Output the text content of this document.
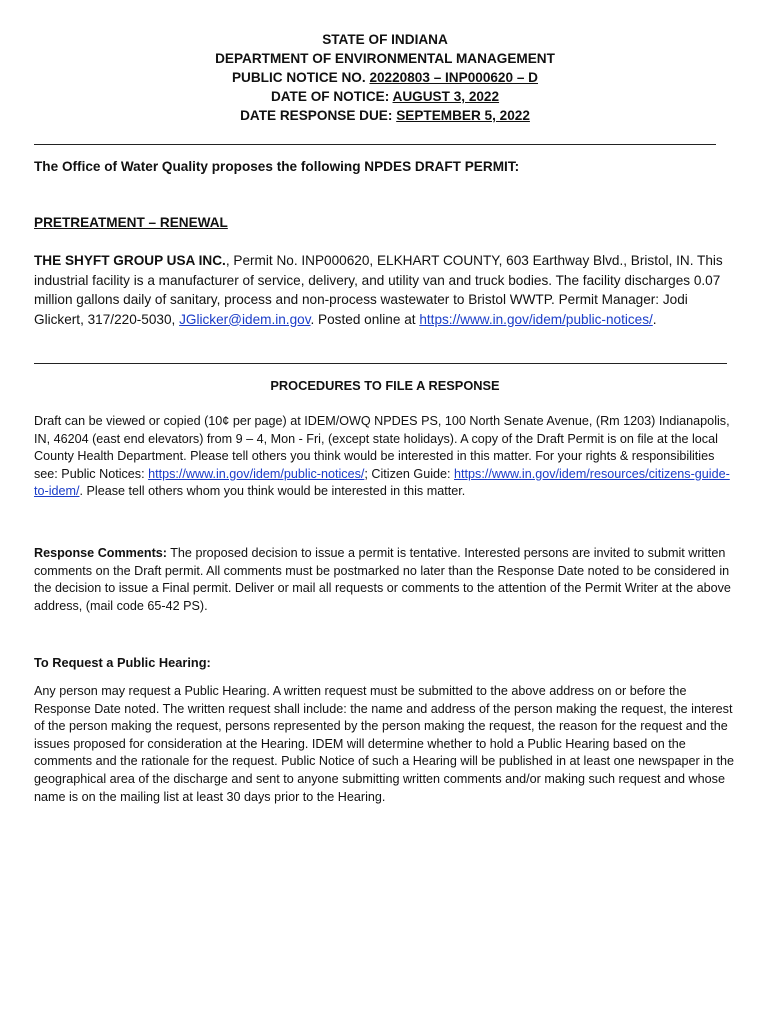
STATE OF INDIANA
DEPARTMENT OF ENVIRONMENTAL MANAGEMENT
PUBLIC NOTICE NO. 20220803 – INP000620 – D
DATE OF NOTICE: AUGUST 3, 2022
DATE RESPONSE DUE: SEPTEMBER 5, 2022
The Office of Water Quality proposes the following NPDES DRAFT PERMIT:
PRETREATMENT – RENEWAL
THE SHYFT GROUP USA INC., Permit No. INP000620, ELKHART COUNTY, 603 Earthway Blvd., Bristol, IN. This industrial facility is a manufacturer of service, delivery, and utility van and truck bodies. The facility discharges 0.07 million gallons daily of sanitary, process and non-process wastewater to Bristol WWTP. Permit Manager: Jodi Glickert, 317/220-5030, JGlicker@idem.in.gov. Posted online at https://www.in.gov/idem/public-notices/.
PROCEDURES TO FILE A RESPONSE
Draft can be viewed or copied (10¢ per page) at IDEM/OWQ NPDES PS, 100 North Senate Avenue, (Rm 1203) Indianapolis, IN, 46204 (east end elevators) from 9 – 4, Mon - Fri, (except state holidays). A copy of the Draft Permit is on file at the local County Health Department. Please tell others you think would be interested in this matter. For your rights & responsibilities see: Public Notices: https://www.in.gov/idem/public-notices/; Citizen Guide: https://www.in.gov/idem/resources/citizens-guide-to-idem/. Please tell others whom you think would be interested in this matter.
Response Comments: The proposed decision to issue a permit is tentative. Interested persons are invited to submit written comments on the Draft permit. All comments must be postmarked no later than the Response Date noted to be considered in the decision to issue a Final permit. Deliver or mail all requests or comments to the attention of the Permit Writer at the above address, (mail code 65-42 PS).
To Request a Public Hearing:
Any person may request a Public Hearing. A written request must be submitted to the above address on or before the Response Date noted. The written request shall include: the name and address of the person making the request, the interest of the person making the request, persons represented by the person making the request, the reason for the request and the issues proposed for consideration at the Hearing. IDEM will determine whether to hold a Public Hearing based on the comments and the rationale for the request. Public Notice of such a Hearing will be published in at least one newspaper in the geographical area of the discharge and sent to anyone submitting written comments and/or making such request and whose name is on the mailing list at least 30 days prior to the Hearing.
